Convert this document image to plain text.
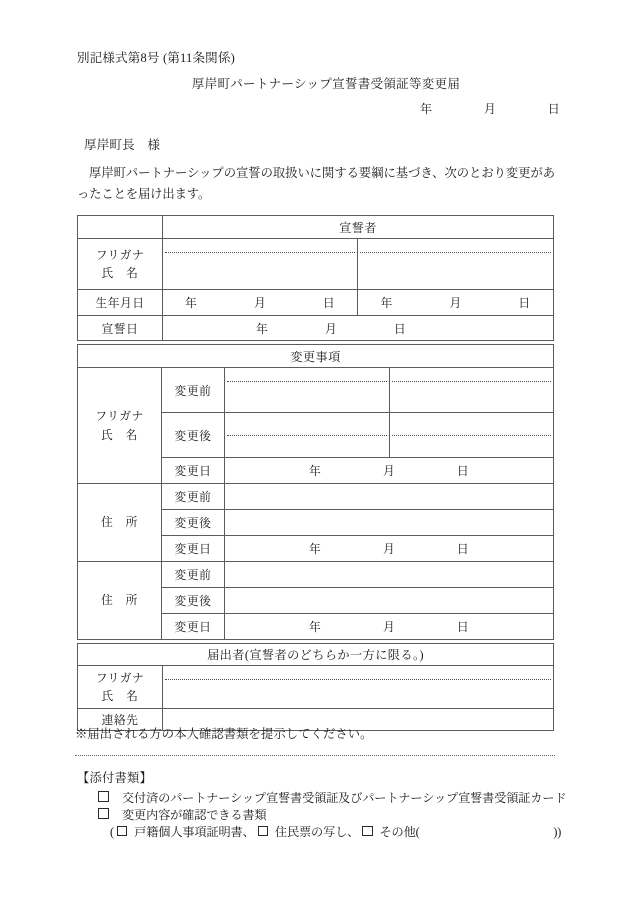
別記様式第8号 (第11条関係)
厚岸町パートナーシップ宣誓書受領証等変更届
年	月	日
厚岸町長　様
厚岸町パートナーシップの宣誓の取扱いに関する要綱に基づき、次のとおり変更があったことを届け出ます。
	宣誓者	

フリガナ
氏　名		

生年月日	年 月 日	年 月 日

宣誓日	年 月 日	
変更事項			

フリガナ
氏　名	変更前	

	変更後	

	変更日	年 月 日	

住　所	変更前		
	変更後		
	変更日	年 月 日	

住　所	変更前		
	変更後		
	変更日	年 月 日	
届出者(宣誓者のどちらか一方に限る。)	

フリガナ
氏　名	

連絡先	
※届出される方の本人確認書類を提示してください。
【添付書類】
交付済のパートナーシップ宣誓書受領証及びパートナーシップ宣誓書受領証カード
変更内容が確認できる書類
( 戸籍個人事項証明書、 住民票の写し、 その他(	))
